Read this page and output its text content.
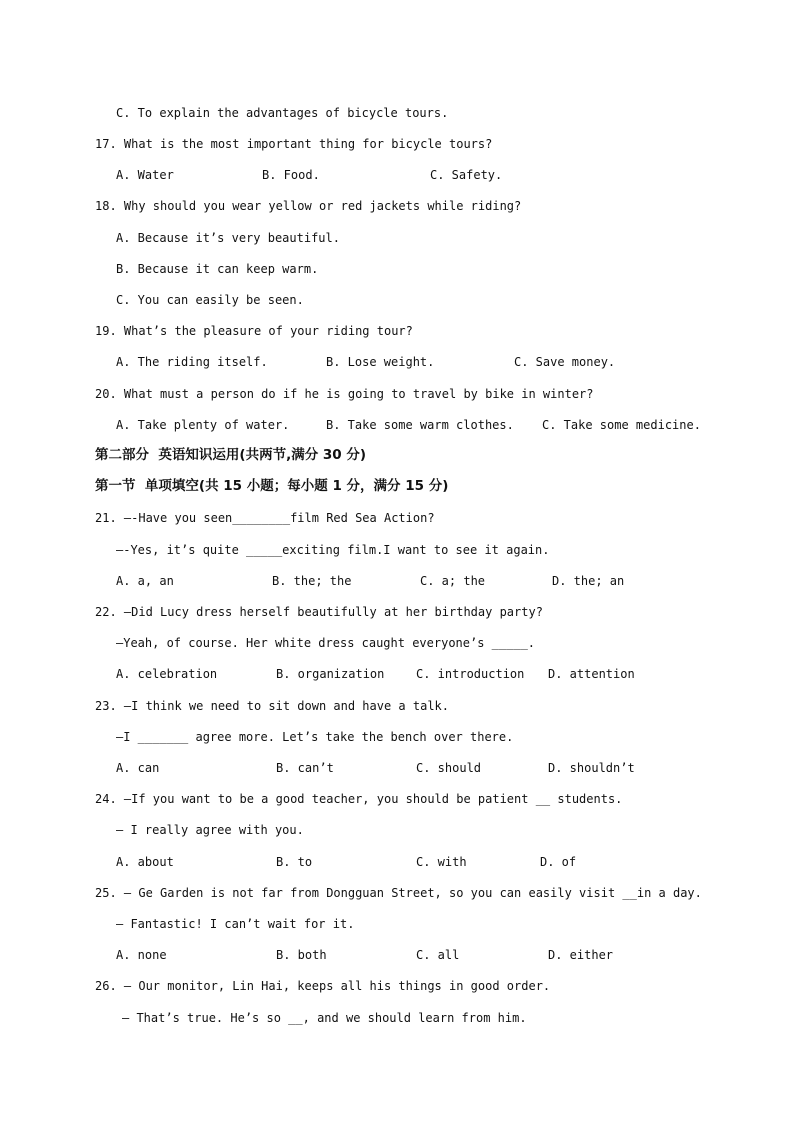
C. To explain the advantages of bicycle tours.
17. What is the most important thing for bicycle tours?
A. Water	B. Food.	C. Safety.
18. Why should you wear yellow or red jackets while riding?
A. Because it’s very beautiful.
B. Because it can keep warm.
C. You can easily be seen.
19. What’s the pleasure of your riding tour?
A. The riding itself.	B. Lose weight.	C. Save money.
20. What must a person do if he is going to travel by bike in winter?
A. Take plenty of water.	B. Take some warm clothes. C. Take some medicine.
第二部分  英语知识运用(共两节,满分 30 分)
第一节  单项填空(共 15 小题；每小题 1 分，满分 15 分)
21. —-Have you seen________film Red Sea Action?
—-Yes, it’s quite _____exciting film.I want to see it again.
A. a, an	B. the; the	C. a; the	D. the; an
22. —Did Lucy dress herself beautifully at her birthday party?
—Yeah, of course. Her white dress caught everyone’s _____.
A. celebration	B. organization	C. introduction D. attention
23. —I think we need to sit down and have a talk.
—I _______ agree more. Let’s take the bench over there.
A. can	B. can’t	C. should	D. shouldn’t
24. —If you want to be a good teacher, you should be patient __ students.
— I really agree with you.
A. about	B. to	C. with	D. of
25. — Ge Garden is not far from Dongguan Street, so you can easily visit __in a day.
— Fantastic! I can’t wait for it.
A. none	B. both	C. all	D. either
26. — Our monitor, Lin Hai, keeps all his things in good order.
— That’s true. He’s so __, and we should learn from him.
